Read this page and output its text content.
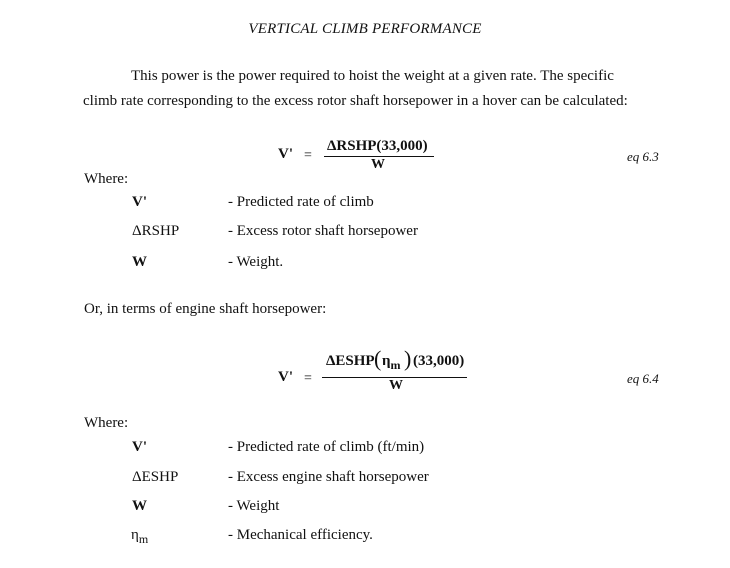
VERTICAL CLIMB PERFORMANCE
This power is the power required to hoist the weight at a given rate. The specific
climb rate corresponding to the excess rotor shaft horsepower in a hover can be calculated:
V' =
ΔRSHP(33,000)
W
eq 6.3
Where:
V'	- Predicted rate of climb
ΔRSHP	- Excess rotor shaft horsepower
W	- Weight.
Or, in terms of engine shaft horsepower:
V' =
ΔESHP ( $\eta_m$ ) (33,000)
W	eq 6.4
Where:
V'	- Predicted rate of climb (ft/min)
ΔESHP	- Excess engine shaft horsepower
W	- Weight
$\eta_m$	- Mechanical efficiency.
